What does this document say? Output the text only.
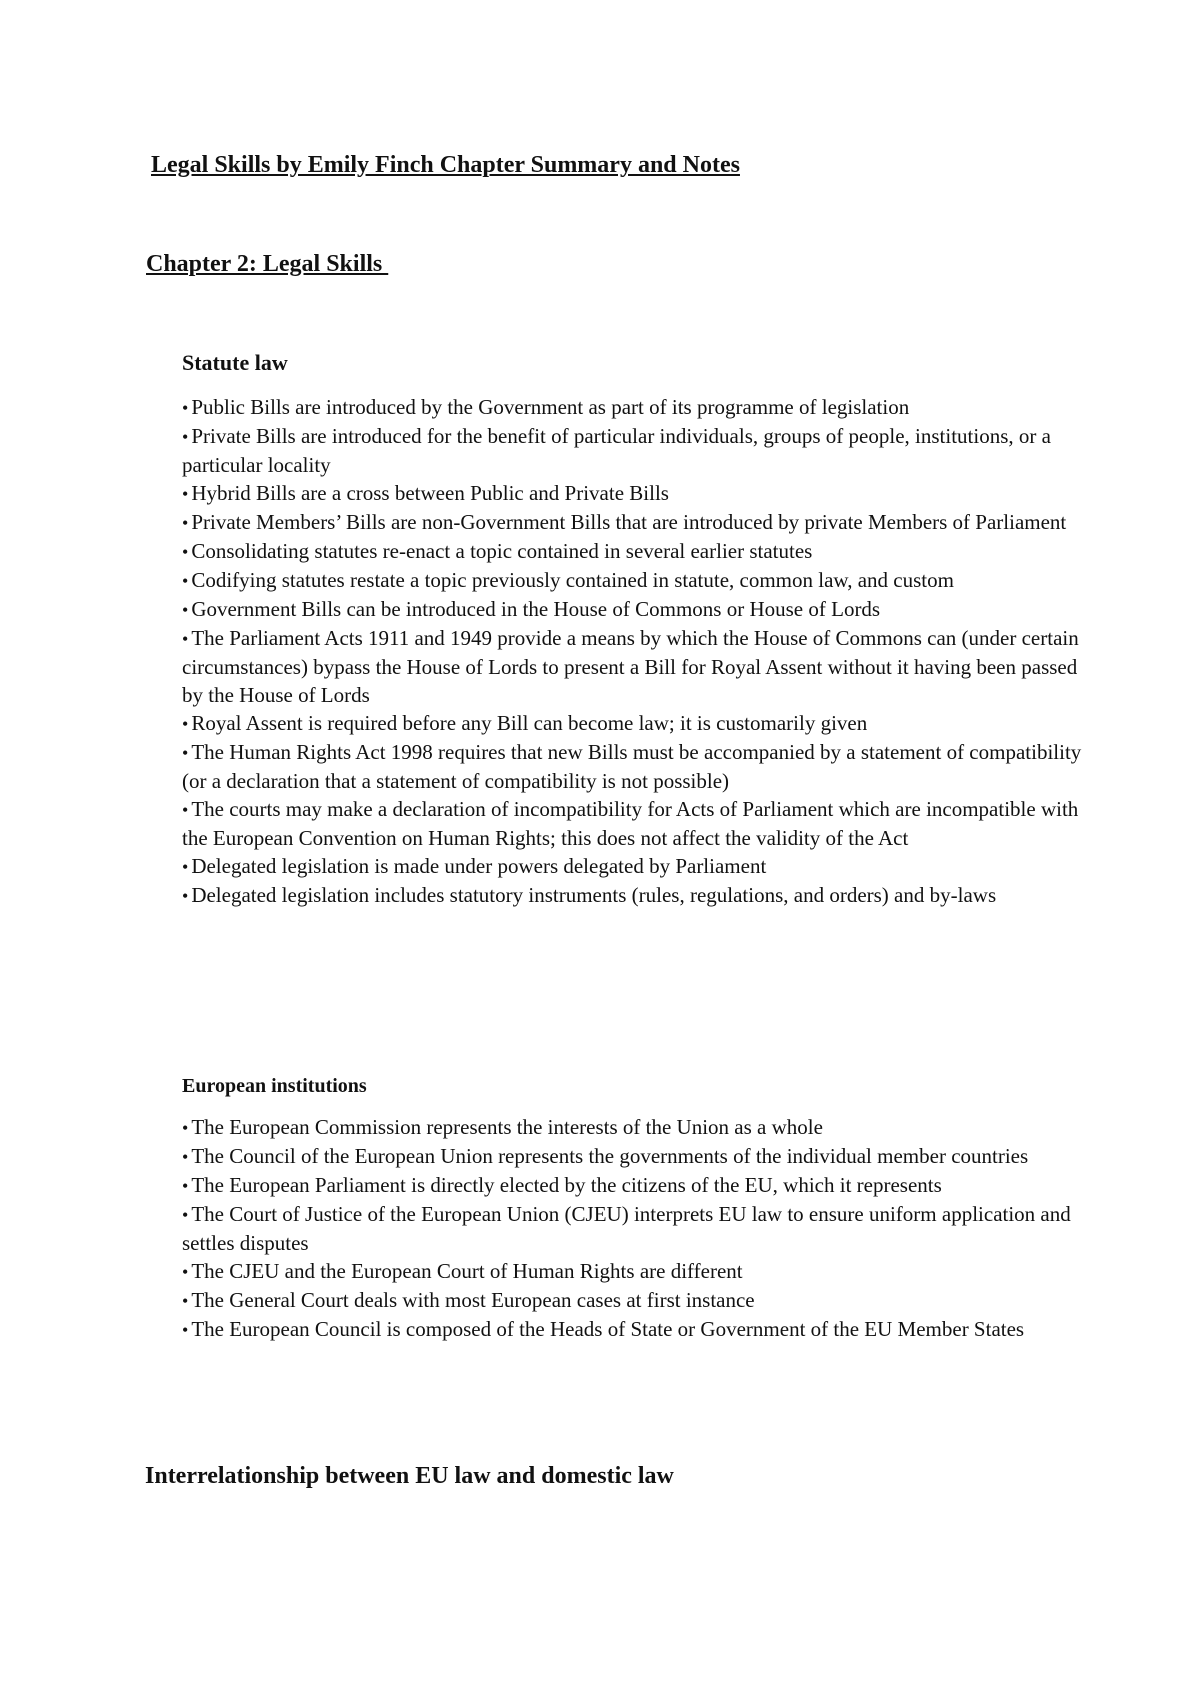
Legal Skills by Emily Finch Chapter Summary and Notes
Chapter 2: Legal Skills
Statute law
• Public Bills are introduced by the Government as part of its programme of legislation
• Private Bills are introduced for the benefit of particular individuals, groups of people, institutions, or a particular locality
• Hybrid Bills are a cross between Public and Private Bills
• Private Members’ Bills are non-Government Bills that are introduced by private Members of Parliament
• Consolidating statutes re-enact a topic contained in several earlier statutes
• Codifying statutes restate a topic previously contained in statute, common law, and custom
• Government Bills can be introduced in the House of Commons or House of Lords
• The Parliament Acts 1911 and 1949 provide a means by which the House of Commons can (under certain circumstances) bypass the House of Lords to present a Bill for Royal Assent without it having been passed by the House of Lords
• Royal Assent is required before any Bill can become law; it is customarily given
• The Human Rights Act 1998 requires that new Bills must be accompanied by a statement of compatibility (or a declaration that a statement of compatibility is not possible)
• The courts may make a declaration of incompatibility for Acts of Parliament which are incompatible with the European Convention on Human Rights; this does not affect the validity of the Act
• Delegated legislation is made under powers delegated by Parliament
• Delegated legislation includes statutory instruments (rules, regulations, and orders) and by-laws
European institutions
• The European Commission represents the interests of the Union as a whole
• The Council of the European Union represents the governments of the individual member countries
• The European Parliament is directly elected by the citizens of the EU, which it represents
• The Court of Justice of the European Union (CJEU) interprets EU law to ensure uniform application and settles disputes
• The CJEU and the European Court of Human Rights are different
• The General Court deals with most European cases at first instance
• The European Council is composed of the Heads of State or Government of the EU Member States
Interrelationship between EU law and domestic law
